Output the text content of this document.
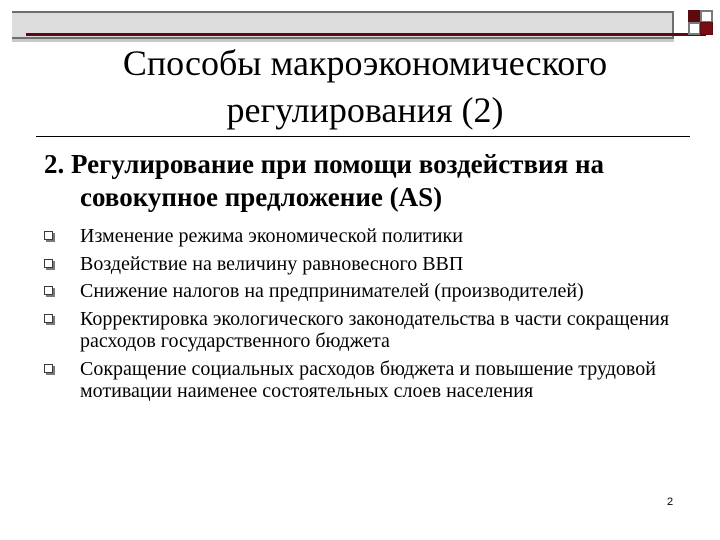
Способы макроэкономического
регулирования (2)
2. Регулирование при помощи воздействия на совокупное предложение (AS)
Изменение режима экономической политики
Воздействие на величину равновесного ВВП
Снижение налогов на предпринимателей (производителей)
Корректировка экологического законодательства в части сокращения расходов государственного бюджета
Сокращение социальных расходов бюджета и повышение трудовой мотивации наименее состоятельных слоев населения
2
